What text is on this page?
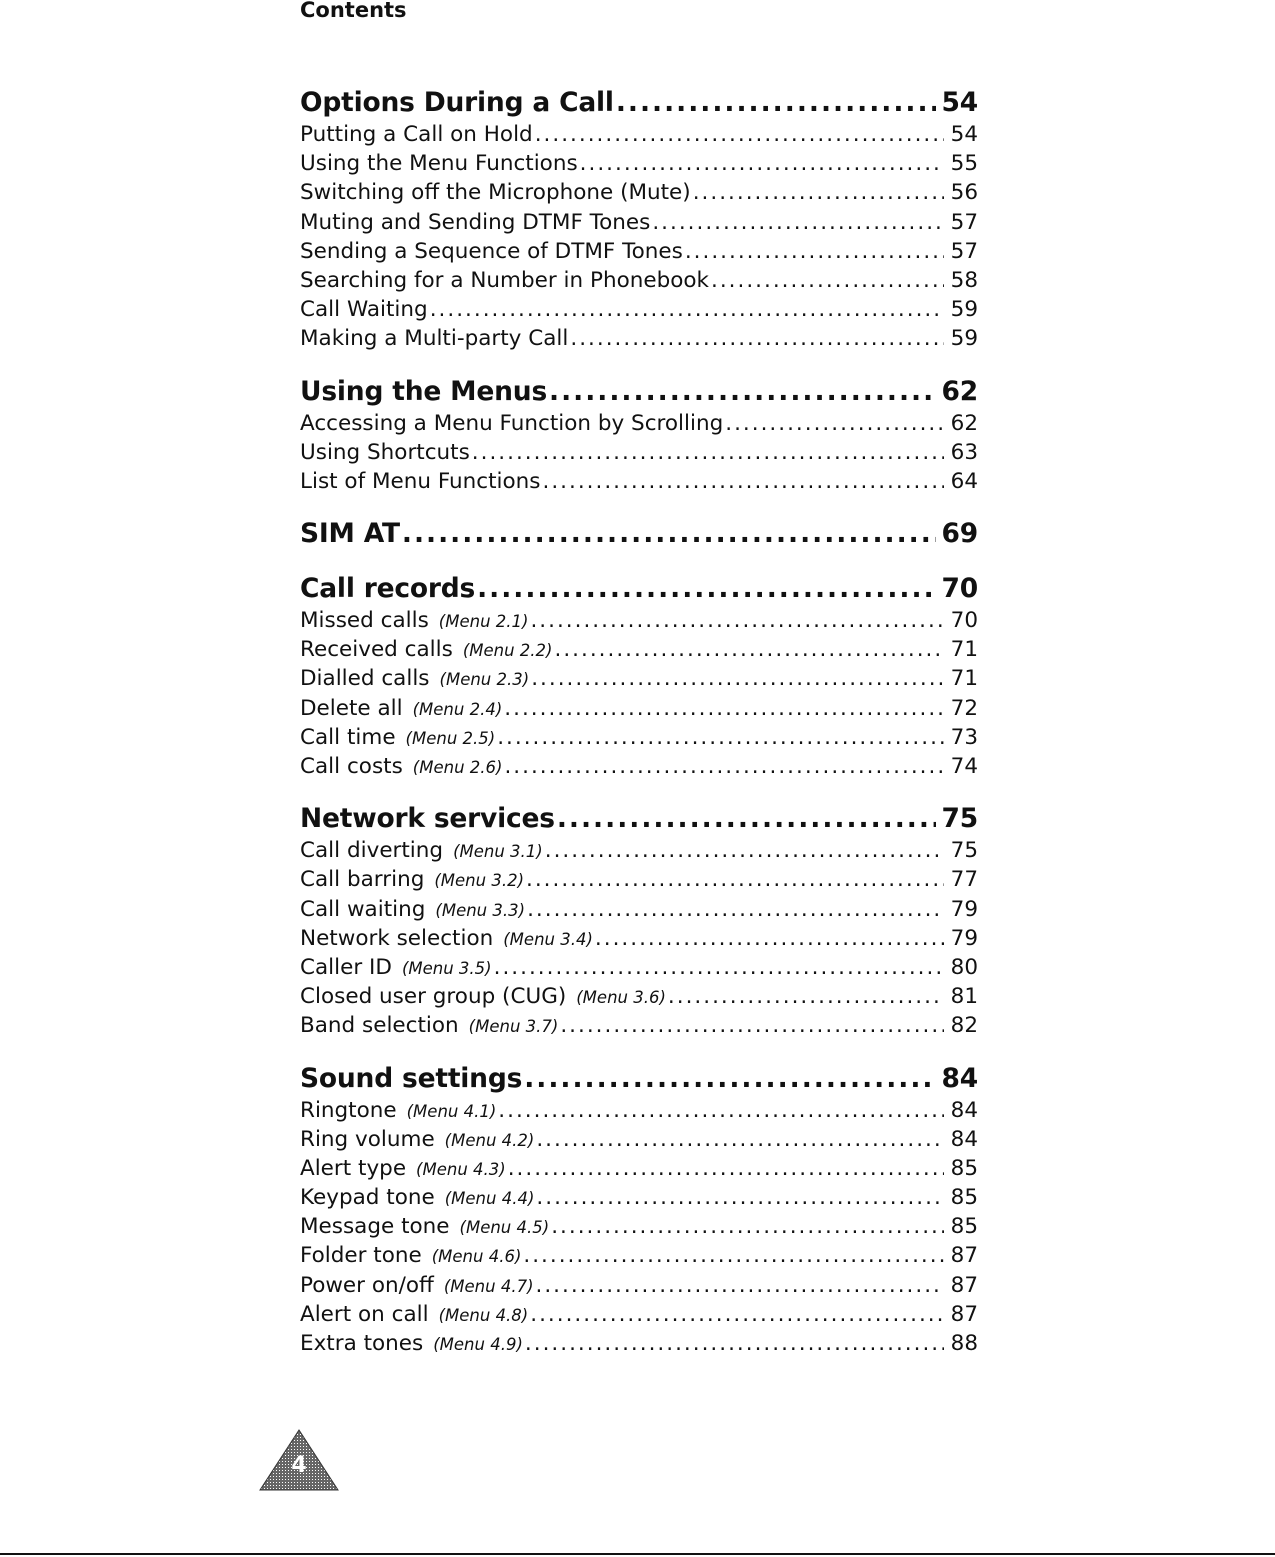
Contents
Options During a Call .....	54
Putting a Call on Hold .....	54
Using the Menu Functions .....	55
Switching off the Microphone (Mute) .....	56
Muting and Sending DTMF Tones .....	57
Sending a Sequence of DTMF Tones .....	57
Searching for a Number in Phonebook .....	58
Call Waiting .....	59
Making a Multi-party Call .....	59
Using the Menus .....	62
Accessing a Menu Function by Scrolling .....	62
Using Shortcuts .....	63
List of Menu Functions .....	64
SIM AT .....	69
Call records .....	70
Missed calls (Menu 2.1) .....	70
Received calls (Menu 2.2) .....	71
Dialled calls (Menu 2.3) .....	71
Delete all (Menu 2.4) .....	72
Call time (Menu 2.5) .....	73
Call costs (Menu 2.6) .....	74
Network services .....	75
Call diverting (Menu 3.1) .....	75
Call barring (Menu 3.2) .....	77
Call waiting (Menu 3.3) .....	79
Network selection (Menu 3.4) .....	79
Caller ID (Menu 3.5) .....	80
Closed user group (CUG) (Menu 3.6) .....	81
Band selection (Menu 3.7) .....	82
Sound settings .....	84
Ringtone (Menu 4.1) .....	84
Ring volume (Menu 4.2) .....	84
Alert type (Menu 4.3) .....	85
Keypad tone (Menu 4.4) .....	85
Message tone (Menu 4.5) .....	85
Folder tone (Menu 4.6) .....	87
Power on/off (Menu 4.7) .....	87
Alert on call (Menu 4.8) .....	87
Extra tones (Menu 4.9) .....	88
4
